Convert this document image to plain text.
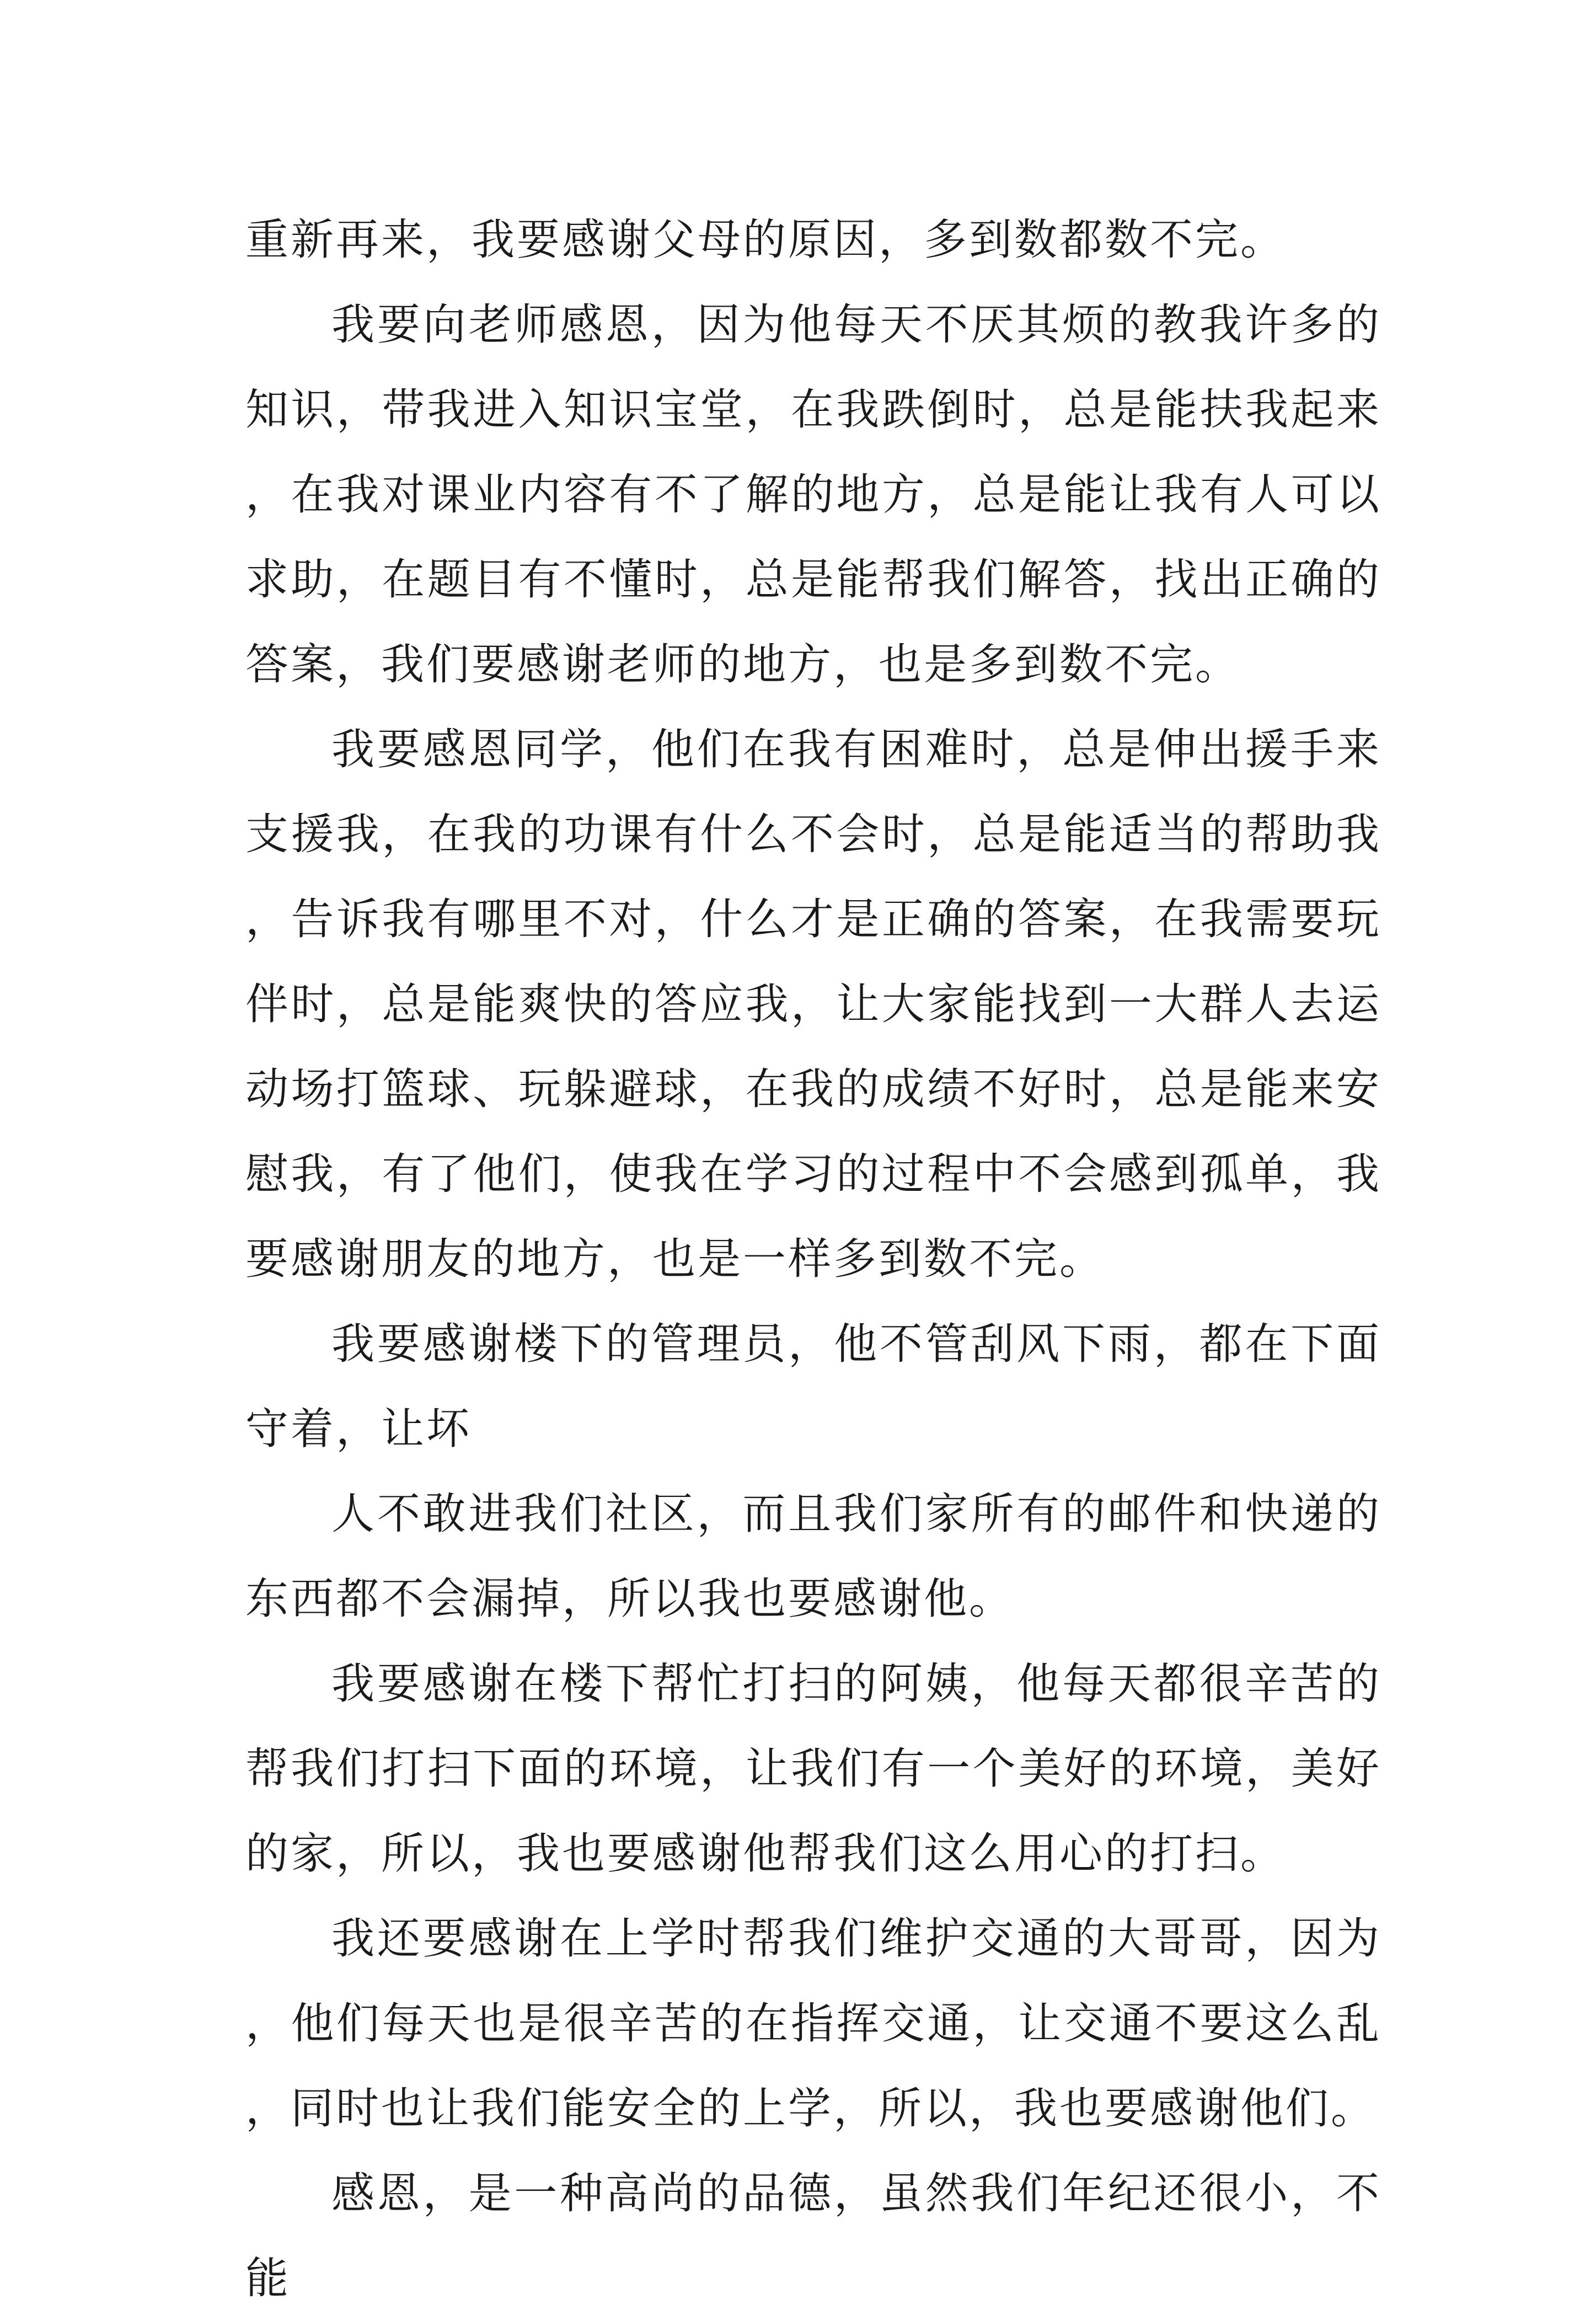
重新再来，我要感谢父母的原因，多到数都数不完。

我要向老师感恩，因为他每天不厌其烦的教我许多的知识，带我进入知识宝堂，在我跌倒时，总是能扶我起来，在我对课业内容有不了解的地方，总是能让我有人可以求助，在题目有不懂时，总是能帮我们解答，找出正确的答案，我们要感谢老师的地方，也是多到数不完。

我要感恩同学，他们在我有困难时，总是伸出援手来支援我，在我的功课有什么不会时，总是能适当的帮助我，告诉我有哪里不对，什么才是正确的答案，在我需要玩伴时，总是能爽快的答应我，让大家能找到一大群人去运动场打篮球、玩躲避球，在我的成绩不好时，总是能来安慰我，有了他们，使我在学习的过程中不会感到孤单，我要感谢朋友的地方，也是一样多到数不完。

我要感谢楼下的管理员，他不管刮风下雨，都在下面守着，让坏

人不敢进我们社区，而且我们家所有的邮件和快递的东西都不会漏掉，所以我也要感谢他。

我要感谢在楼下帮忙打扫的阿姨，他每天都很辛苦的帮我们打扫下面的环境，让我们有一个美好的环境，美好的家，所以，我也要感谢他帮我们这么用心的打扫。

我还要感谢在上学时帮我们维护交通的大哥哥，因为，他们每天也是很辛苦的在指挥交通，让交通不要这么乱，同时也让我们能安全的上学，所以，我也要感谢他们。

感恩，是一种高尚的品德，虽然我们年纪还很小，不能
